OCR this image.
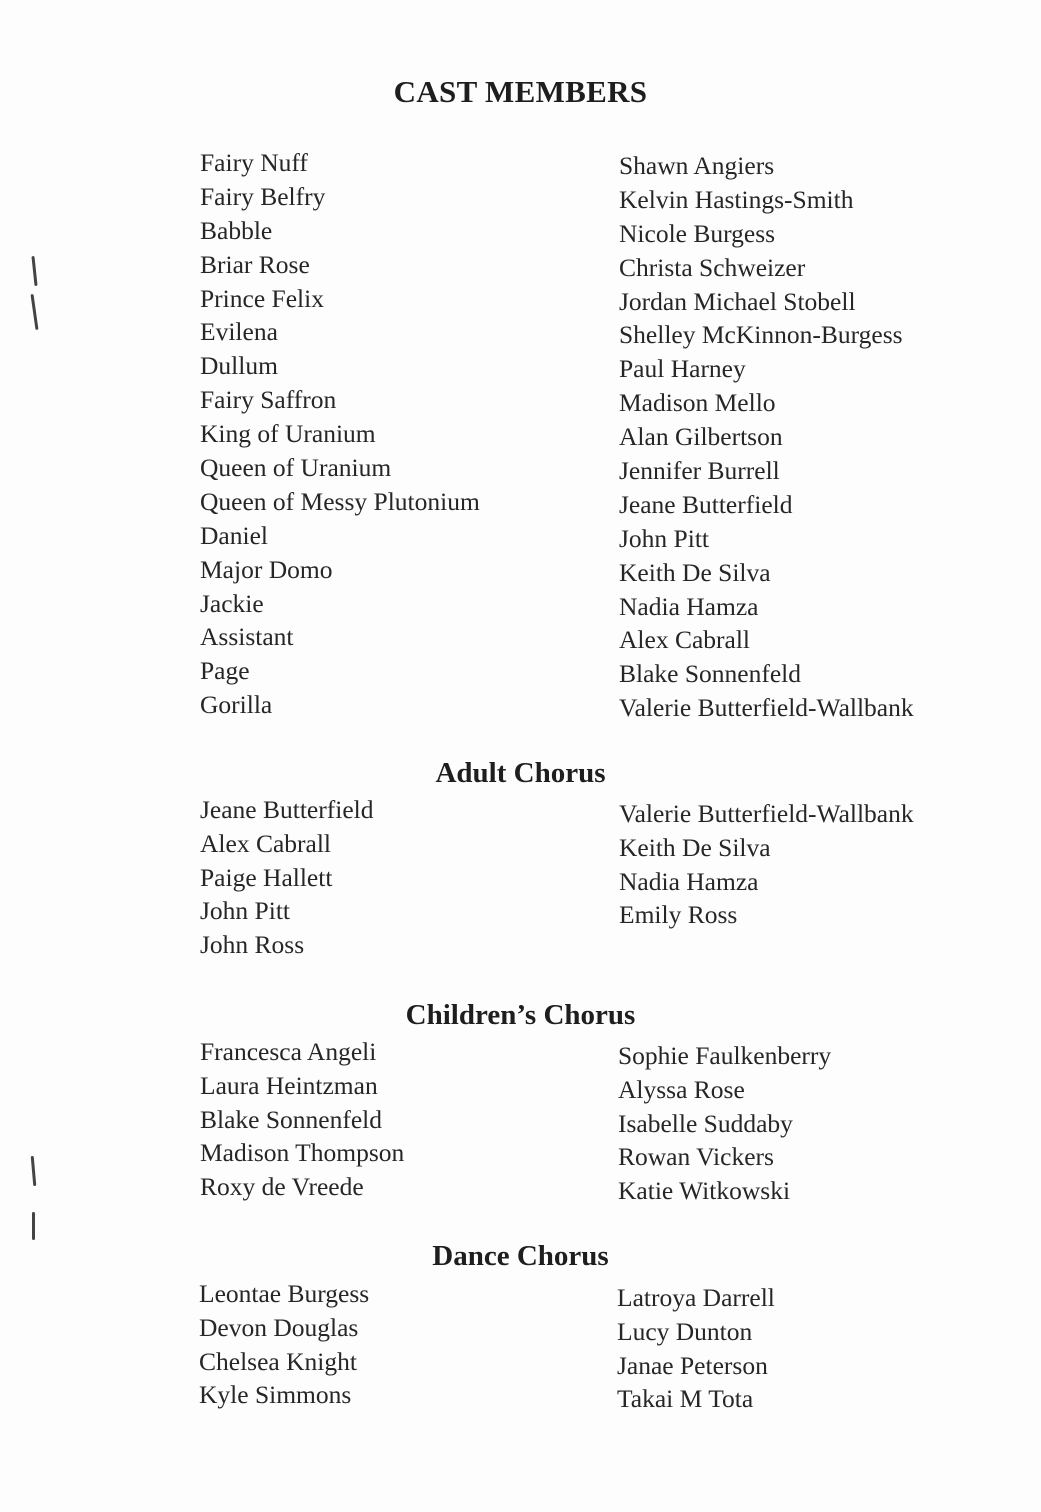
CAST MEMBERS
Fairy Nuff
Fairy Belfry
Babble
Briar Rose
Prince Felix
Evilena
Dullum
Fairy Saffron
King of Uranium
Queen of Uranium
Queen of Messy Plutonium
Daniel
Major Domo
Jackie
Assistant
Page
Gorilla
Shawn Angiers
Kelvin Hastings-Smith
Nicole Burgess
Christa Schweizer
Jordan Michael Stobell
Shelley McKinnon-Burgess
Paul Harney
Madison Mello
Alan Gilbertson
Jennifer Burrell
Jeane Butterfield
John Pitt
Keith De Silva
Nadia Hamza
Alex Cabrall
Blake Sonnenfeld
Valerie Butterfield-Wallbank
Adult Chorus
Jeane Butterfield
Alex Cabrall
Paige Hallett
John Pitt
John Ross
Valerie Butterfield-Wallbank
Keith De Silva
Nadia Hamza
Emily Ross
Children’s Chorus
Francesca Angeli
Laura Heintzman
Blake Sonnenfeld
Madison Thompson
Roxy de Vreede
Sophie Faulkenberry
Alyssa Rose
Isabelle Suddaby
Rowan Vickers
Katie Witkowski
Dance Chorus
Leontae Burgess
Devon Douglas
Chelsea Knight
Kyle Simmons
Latroya Darrell
Lucy Dunton
Janae Peterson
Takai M Tota
